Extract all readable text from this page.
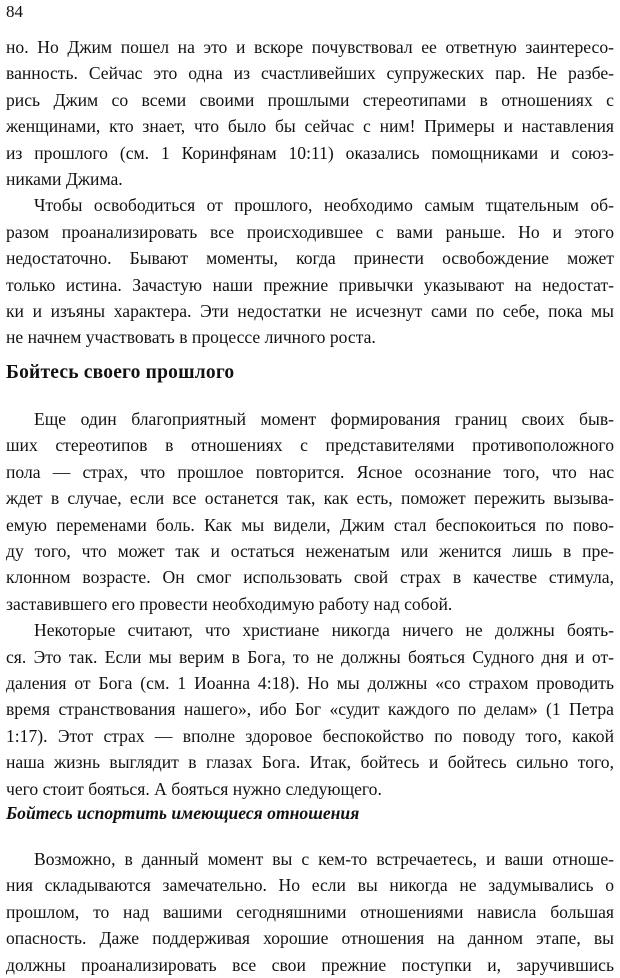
84
но. Но Джим пошел на это и вскоре почувствовал ее ответную заинтересо-
ванность. Сейчас это одна из счастливейших супружеских пар. Не разбе-
рись Джим со всеми своими прошлыми стереотипами в отношениях с
женщинами, кто знает, что было бы сейчас с ним! Примеры и наставления
из прошлого (см. 1 Коринфянам 10:11) оказались помощниками и союз-
никами Джима.
Чтобы освободиться от прошлого, необходимо самым тщательным об-
разом проанализировать все происходившее с вами раньше. Но и этого
недостаточно. Бывают моменты, когда принести освобождение может
только истина. Зачастую наши прежние привычки указывают на недостат-
ки и изъяны характера. Эти недостатки не исчезнут сами по себе, пока мы
не начнем участвовать в процессе личного роста.
Бойтесь своего прошлого
Еще один благоприятный момент формирования границ своих быв-
ших стереотипов в отношениях с представителями противоположного
пола — страх, что прошлое повторится. Ясное осознание того, что нас
ждет в случае, если все останется так, как есть, поможет пережить вызыва-
емую переменами боль. Как мы видели, Джим стал беспокоиться по пово-
ду того, что может так и остаться неженатым или женится лишь в пре-
клонном возрасте. Он смог использовать свой страх в качестве стимула,
заставившего его провести необходимую работу над собой.
Некоторые считают, что христиане никогда ничего не должны боять-
ся. Это так. Если мы верим в Бога, то не должны бояться Судного дня и от-
даления от Бога (см. 1 Иоанна 4:18). Но мы должны «со страхом проводить
время странствования нашего», ибо Бог «судит каждого по делам» (1 Петра
1:17). Этот страх — вполне здоровое беспокойство по поводу того, какой
наша жизнь выглядит в глазах Бога. Итак, бойтесь и бойтесь сильно того,
чего стоит бояться. А бояться нужно следующего.
Бойтесь испортить имеющиеся отношения
Возможно, в данный момент вы с кем-то встречаетесь, и ваши отноше-
ния складываются замечательно. Но если вы никогда не задумывались о
прошлом, то над вашими сегодняшними отношениями нависла большая
опасность. Даже поддерживая хорошие отношения на данном этапе, вы
должны проанализировать все свои прежние поступки и, заручившись
